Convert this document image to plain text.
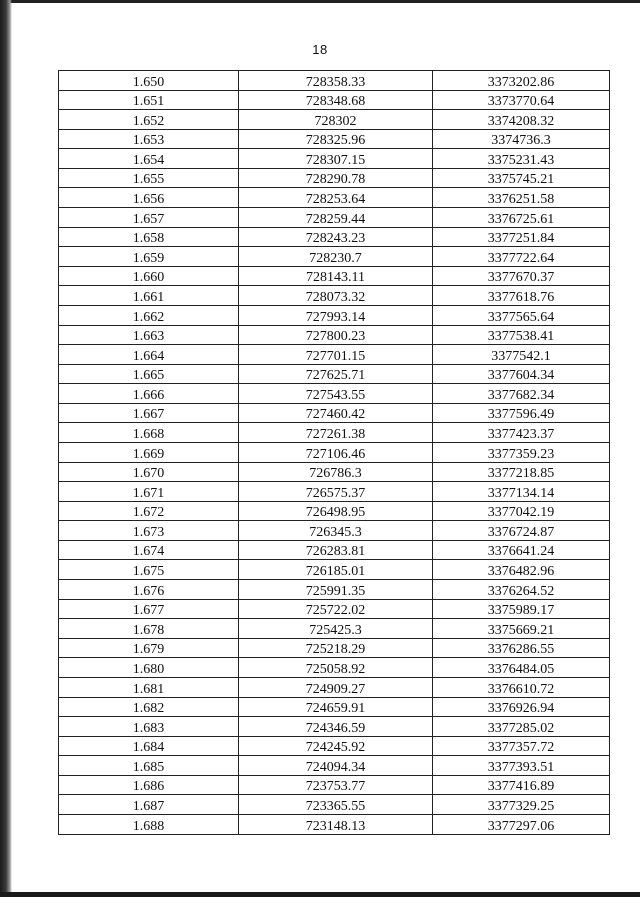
18
1.650	728358.33	3373202.86
1.651	728348.68	3373770.64
1.652	728302	3374208.32
1.653	728325.96	3374736.3
1.654	728307.15	3375231.43
1.655	728290.78	3375745.21
1.656	728253.64	3376251.58
1.657	728259.44	3376725.61
1.658	728243.23	3377251.84
1.659	728230.7	3377722.64
1.660	728143.11	3377670.37
1.661	728073.32	3377618.76
1.662	727993.14	3377565.64
1.663	727800.23	3377538.41
1.664	727701.15	3377542.1
1.665	727625.71	3377604.34
1.666	727543.55	3377682.34
1.667	727460.42	3377596.49
1.668	727261.38	3377423.37
1.669	727106.46	3377359.23
1.670	726786.3	3377218.85
1.671	726575.37	3377134.14
1.672	726498.95	3377042.19
1.673	726345.3	3376724.87
1.674	726283.81	3376641.24
1.675	726185.01	3376482.96
1.676	725991.35	3376264.52
1.677	725722.02	3375989.17
1.678	725425.3	3375669.21
1.679	725218.29	3376286.55
1.680	725058.92	3376484.05
1.681	724909.27	3376610.72
1.682	724659.91	3376926.94
1.683	724346.59	3377285.02
1.684	724245.92	3377357.72
1.685	724094.34	3377393.51
1.686	723753.77	3377416.89
1.687	723365.55	3377329.25
1.688	723148.13	3377297.06
